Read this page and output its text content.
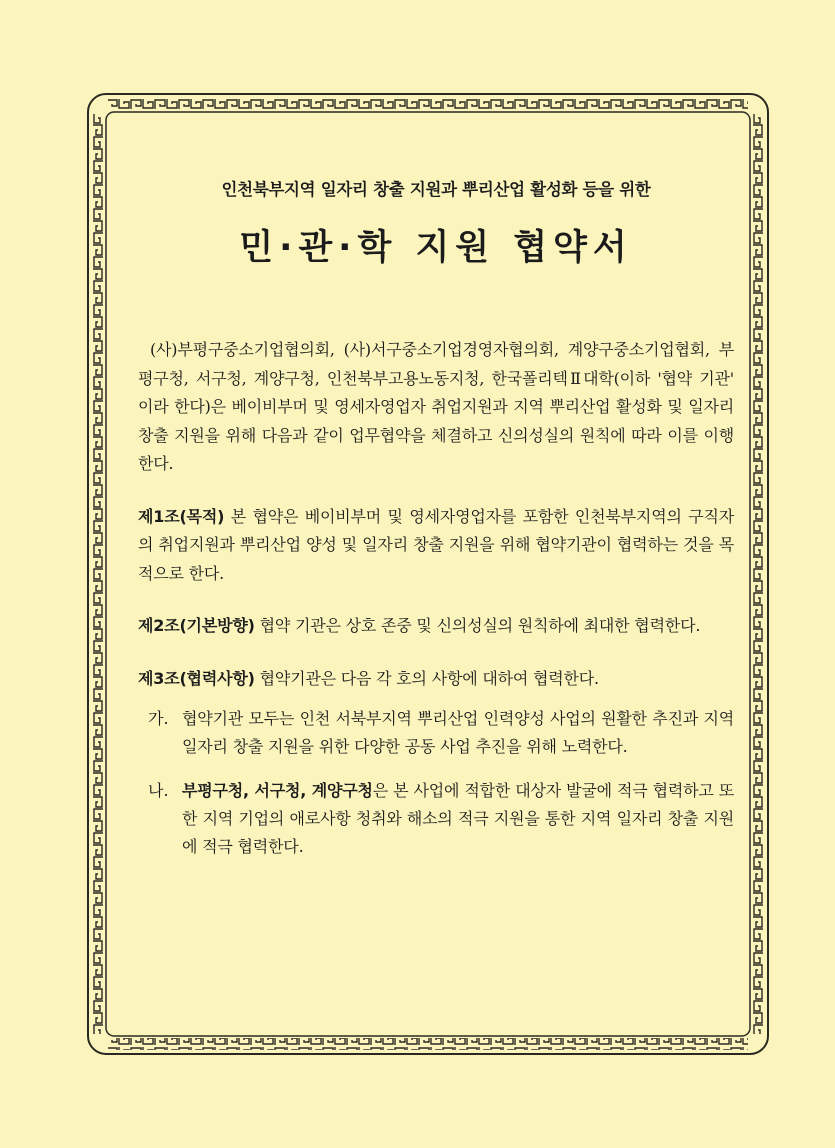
인천북부지역 일자리 창출 지원과 뿌리산업 활성화 등을 위한

민·관·학 지원 협약서

(사)부평구중소기업협의회, (사)서구중소기업경영자협의회, 계양구중소기업협회, 부평구청, 서구청, 계양구청, 인천북부고용노동지청, 한국폴리텍Ⅱ대학(이하 '협약 기관' 이라 한다)은 베이비부머 및 영세자영업자 취업지원과 지역 뿌리산업 활성화 및 일자리 창출 지원을 위해 다음과 같이 업무협약을 체결하고 신의성실의 원칙에 따라 이를 이행한다.

제1조(목적) 본 협약은 베이비부머 및 영세자영업자를 포함한 인천북부지역의 구직자의 취업지원과 뿌리산업 양성 및 일자리 창출 지원을 위해 협약기관이 협력하는 것을 목적으로 한다.

제2조(기본방향) 협약 기관은 상호 존중 및 신의성실의 원칙하에 최대한 협력한다.

제3조(협력사항) 협약기관은 다음 각 호의 사항에 대하여 협력한다.

가. 협약기관 모두는 인천 서북부지역 뿌리산업 인력양성 사업의 원활한 추진과 지역 일자리 창출 지원을 위한 다양한 공동 사업 추진을 위해 노력한다.
나. 부평구청, 서구청, 계양구청은 본 사업에 적합한 대상자 발굴에 적극 협력하고 또한 지역 기업의 애로사항 청취와 해소의 적극 지원을 통한 지역 일자리 창출 지원에 적극 협력한다.
